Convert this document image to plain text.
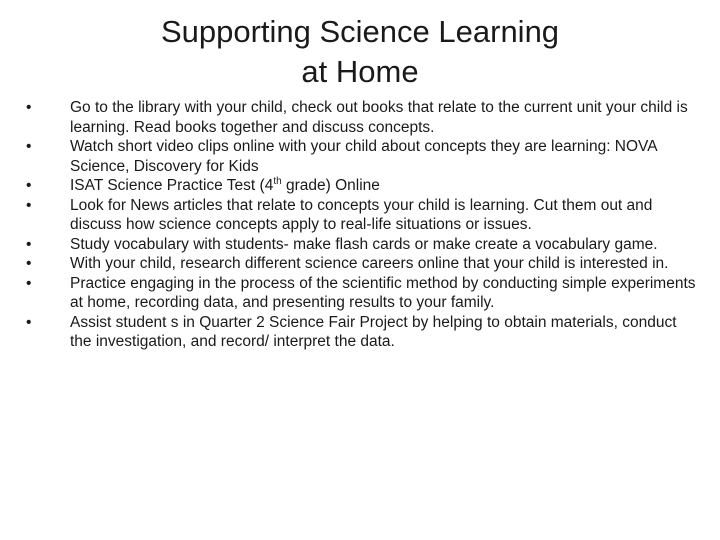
Supporting Science Learning
at Home
•	Go to the library with your child, check out books that relate to the current unit your child is learning. Read books together and discuss concepts.
•	Watch short video clips online with your child about concepts they are learning: NOVA Science, Discovery for Kids
•	ISAT Science Practice Test (4th grade) Online
•	Look for News articles that relate to concepts your child is learning. Cut them out and discuss how science concepts apply to real-life situations or issues.
•	Study vocabulary with students- make flash cards or make create a vocabulary game.
•	With your child, research different science careers online that your child is interested in.
•	Practice engaging in the process of the scientific method by conducting simple experiments at home, recording data, and presenting results to your family.
•	Assist student s in Quarter 2 Science Fair Project by helping to obtain materials, conduct the investigation, and record/ interpret the data.
